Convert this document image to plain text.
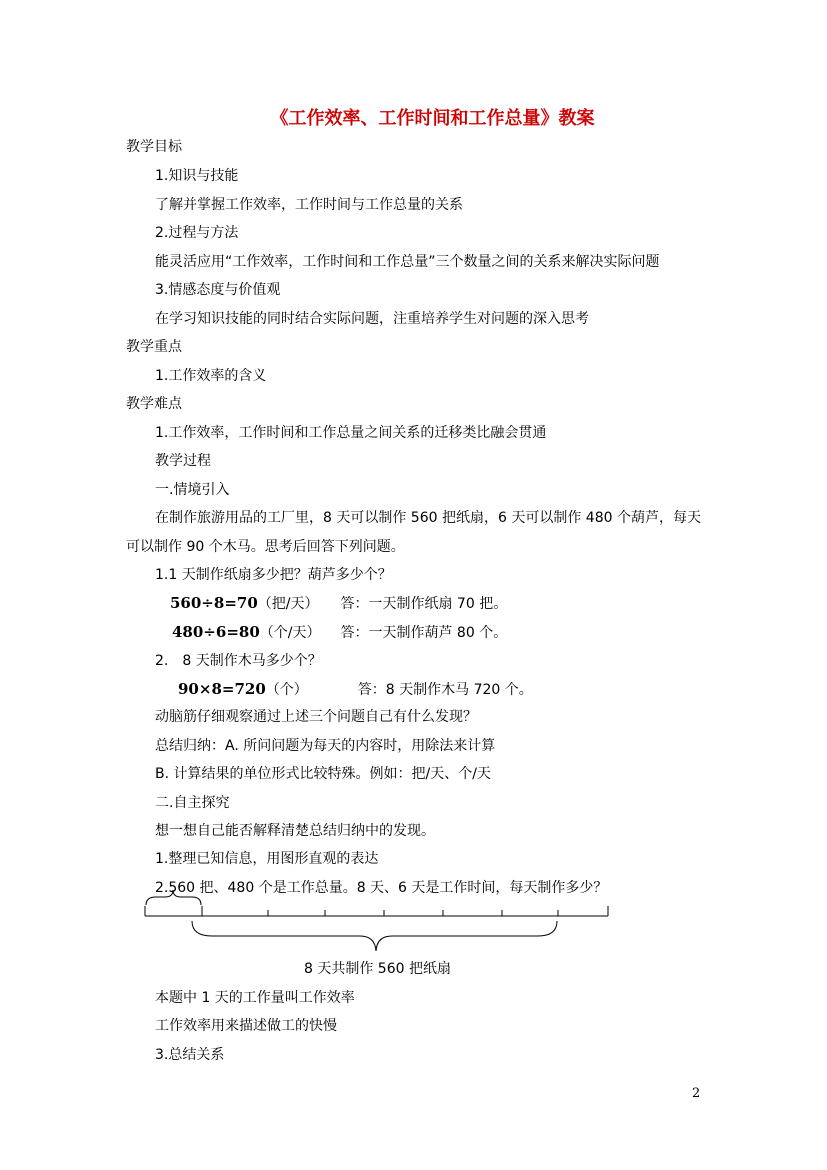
《工作效率、工作时间和工作总量》教案
教学目标
1.知识与技能
了解并掌握工作效率，工作时间与工作总量的关系
2.过程与方法
能灵活应用“工作效率，工作时间和工作总量”三个数量之间的关系来解决实际问题
3.情感态度与价值观
在学习知识技能的同时结合实际问题，注重培养学生对问题的深入思考
教学重点
1.工作效率的含义
教学难点
1.工作效率，工作时间和工作总量之间关系的迁移类比融会贯通
教学过程
一.情境引入
在制作旅游用品的工厂里，8 天可以制作 560 把纸扇，6 天可以制作 480 个葫芦，每天
可以制作 90 个木马。思考后回答下列问题。
1.1 天制作纸扇多少把？葫芦多少个？
560÷8=70（把/天） 答：一天制作纸扇 70 把。
480÷6=80（个/天） 答：一天制作葫芦 80 个。
2.　8 天制作木马多少个？
90×8=720（个）	答：8 天制作木马 720 个。
动脑筋仔细观察通过上述三个问题自己有什么发现？
总结归纳：A. 所问问题为每天的内容时，用除法来计算
B. 计算结果的单位形式比较特殊。例如：把/天、个/天
二.自主探究
想一想自己能否解释清楚总结归纳中的发现。
1.整理已知信息，用图形直观的表达
2.560 把、480 个是工作总量。8 天、6 天是工作时间，每天制作多少？
8 天共制作 560 把纸扇
本题中 1 天的工作量叫工作效率
工作效率用来描述做工的快慢
3.总结关系
2
